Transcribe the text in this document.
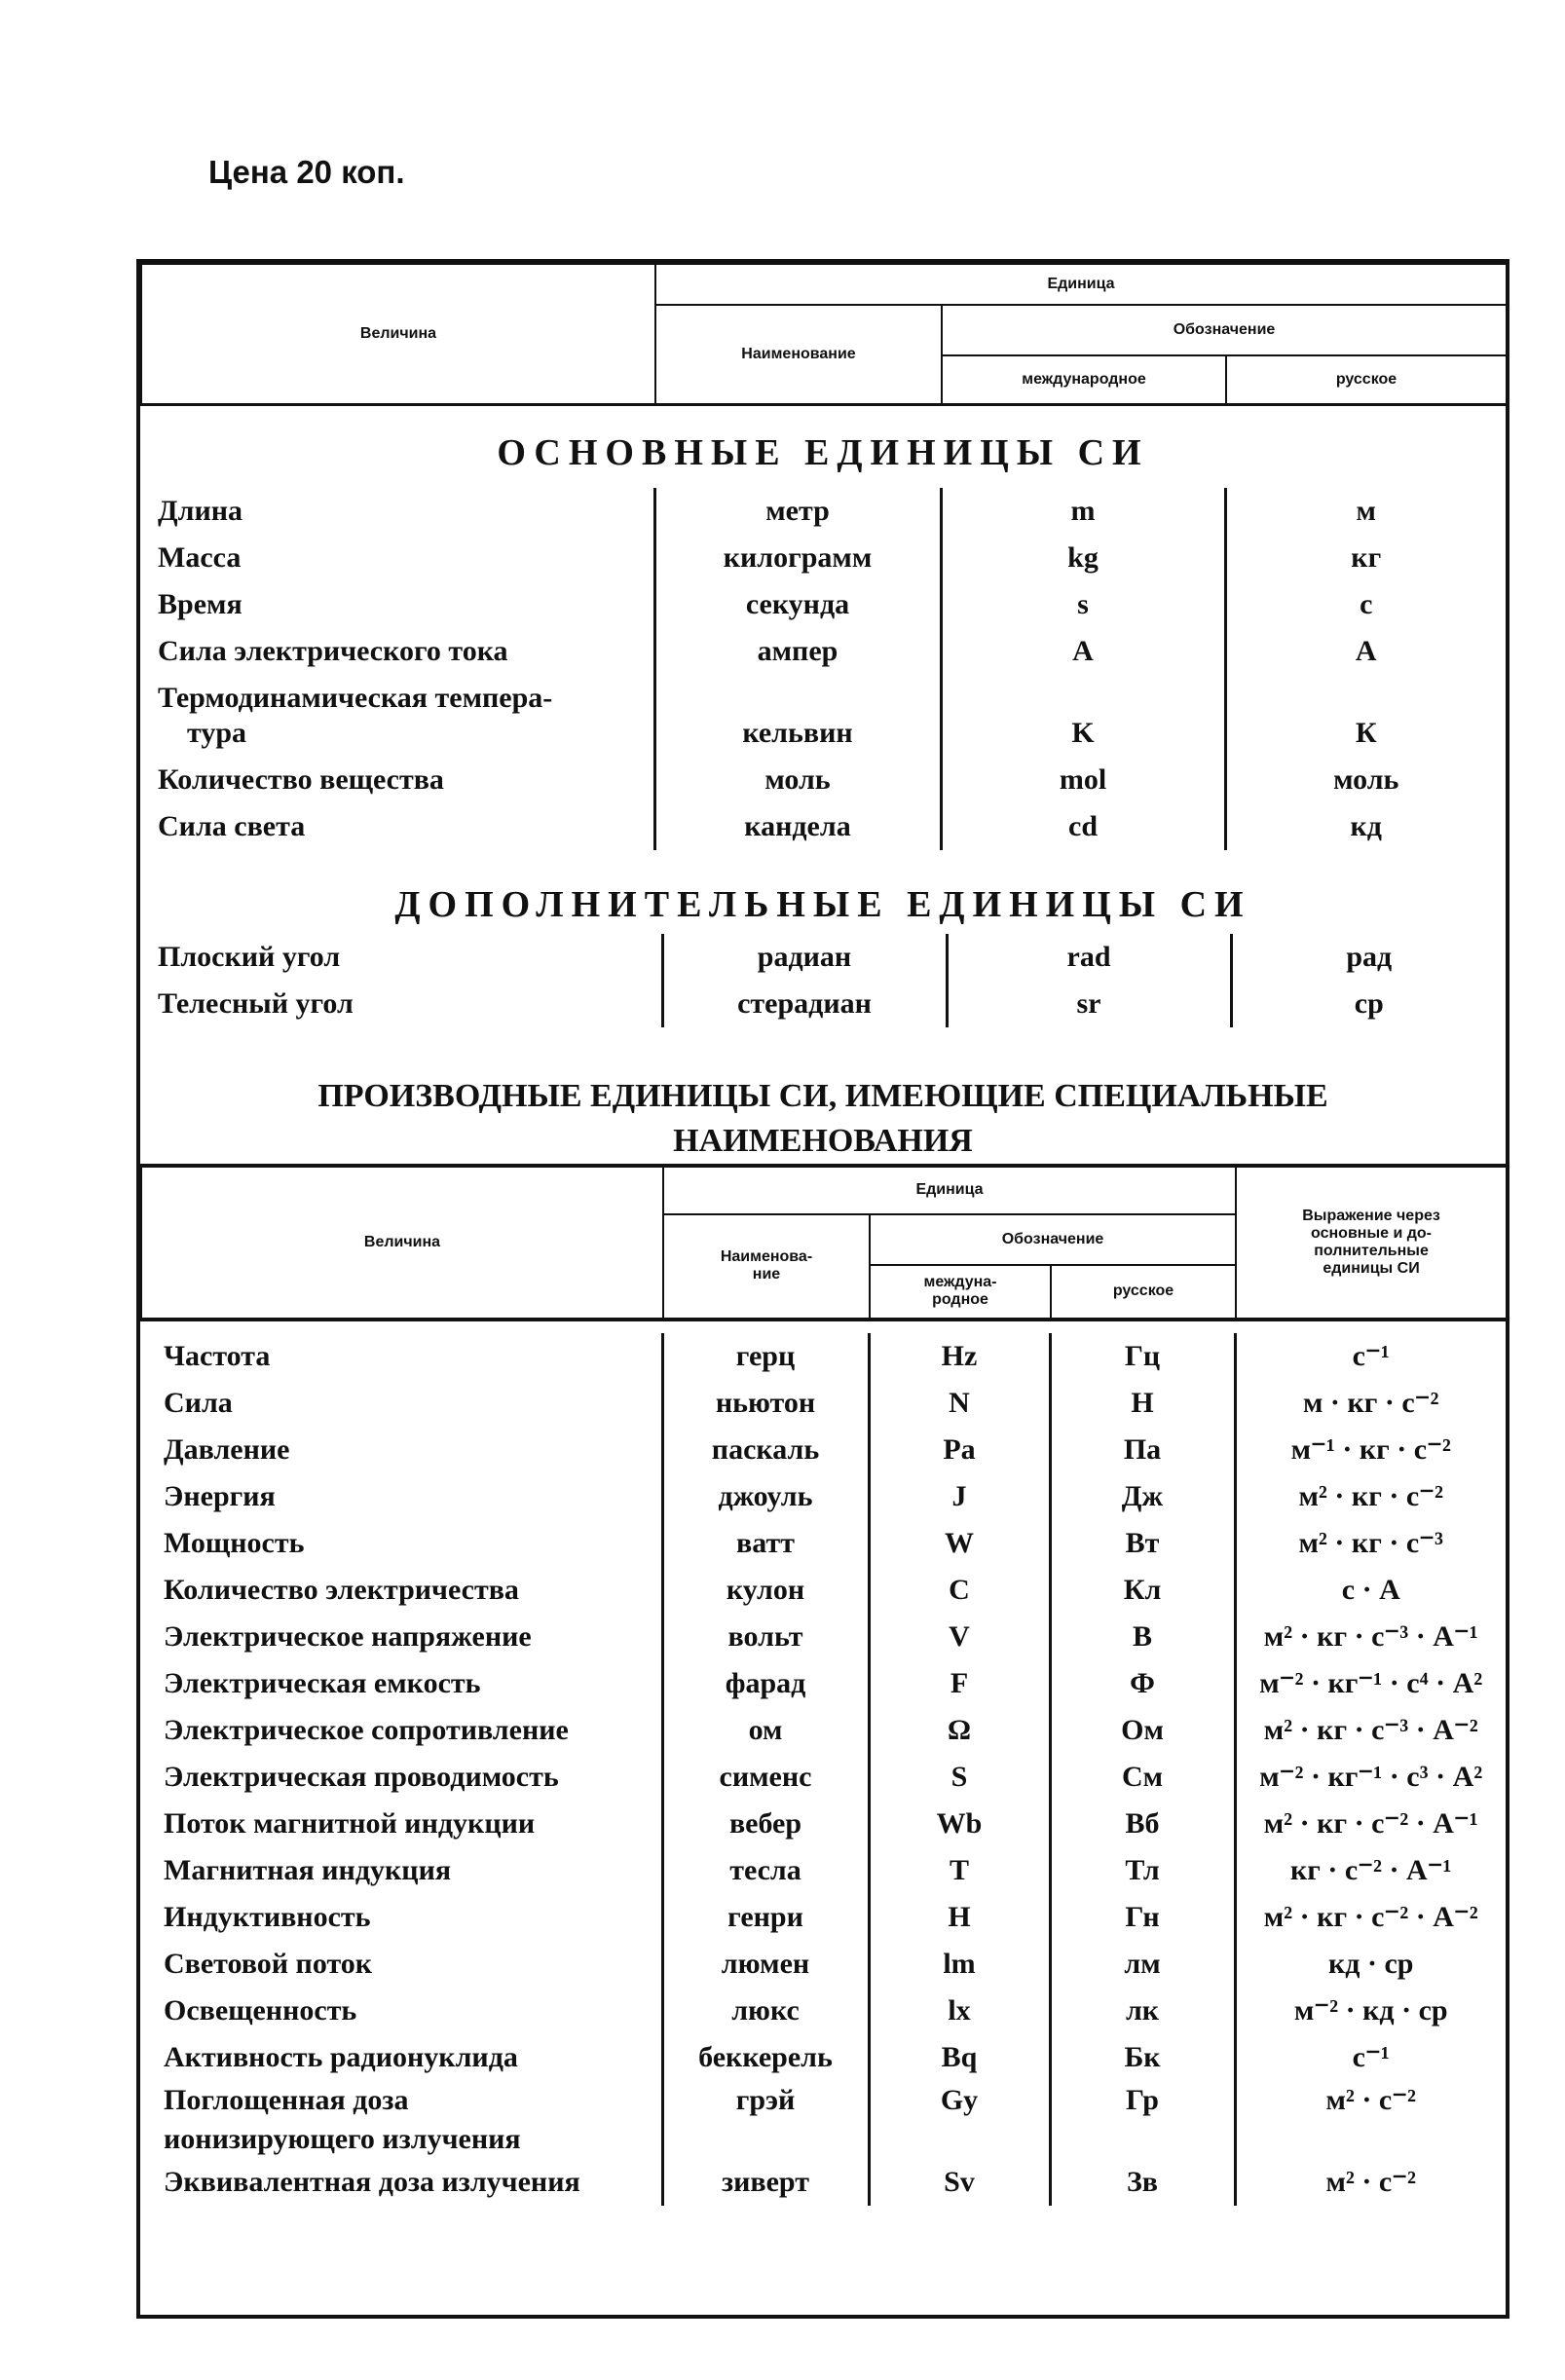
Цена 20 коп.
Величина	Единица		
	Наименование	Обозначение	
		международное	русское
ОСНОВНЫЕ ЕДИНИЦЫ СИ
Длина	метр	m	м
Масса	килограмм	kg	кг
Время	секунда	s	с
Сила электрического тока	ампер	A	A

Термодинамическая темпера-
тура	кельвин	K	К
Количество вещества	моль	mol	моль
Сила света	кандела	cd	кд
ДОПОЛНИТЕЛЬНЫЕ ЕДИНИЦЫ СИ
Плоский угол	радиан	rad	рад
Телесный угол	стерадиан	sr	ср
ПРОИЗВОДНЫЕ ЕДИНИЦЫ СИ, ИМЕЮЩИЕ СПЕЦИАЛЬНЫЕ
НАИМЕНОВАНИЯ
Величина	Единица			Выражение через
основные и до-
полнительные
единицы СИ

	Наименова-
ние	Обозначение		

		междуна-
родное	русское	
Частота	герц	Hz	Гц	с⁻¹
Сила	ньютон	N	Н	м · кг · с⁻²
Давление	паскаль	Pa	Па	м⁻¹ · кг · с⁻²
Энергия	джоуль	J	Дж	м² · кг · с⁻²
Мощность	ватт	W	Вт	м² · кг · с⁻³
Количество электричества	кулон	C	Кл	с · А
Электрическое напряжение	вольт	V	В	м² · кг · с⁻³ · А⁻¹
Электрическая емкость	фарад	F	Ф	м⁻² · кг⁻¹ · с⁴ · А²
Электрическое сопротивление	ом	Ω	Ом	м² · кг · с⁻³ · А⁻²
Электрическая проводимость	сименс	S	См	м⁻² · кг⁻¹ · с³ · А²
Поток магнитной индукции	вебер	Wb	Вб	м² · кг · с⁻² · А⁻¹
Магнитная индукция	тесла	T	Тл	кг · с⁻² · А⁻¹
Индуктивность	генри	H	Гн	м² · кг · с⁻² · А⁻²
Световой поток	люмен	lm	лм	кд · ср
Освещенность	люкс	lx	лк	м⁻² · кд · ср
Активность радионуклида	беккерель	Bq	Бк	с⁻¹

Поглощенная доза
ионизирующего излучения	грэй	Gy	Гр	м² · с⁻²
Эквивалентная доза излучения	зиверт	Sv	Зв	м² · с⁻²
